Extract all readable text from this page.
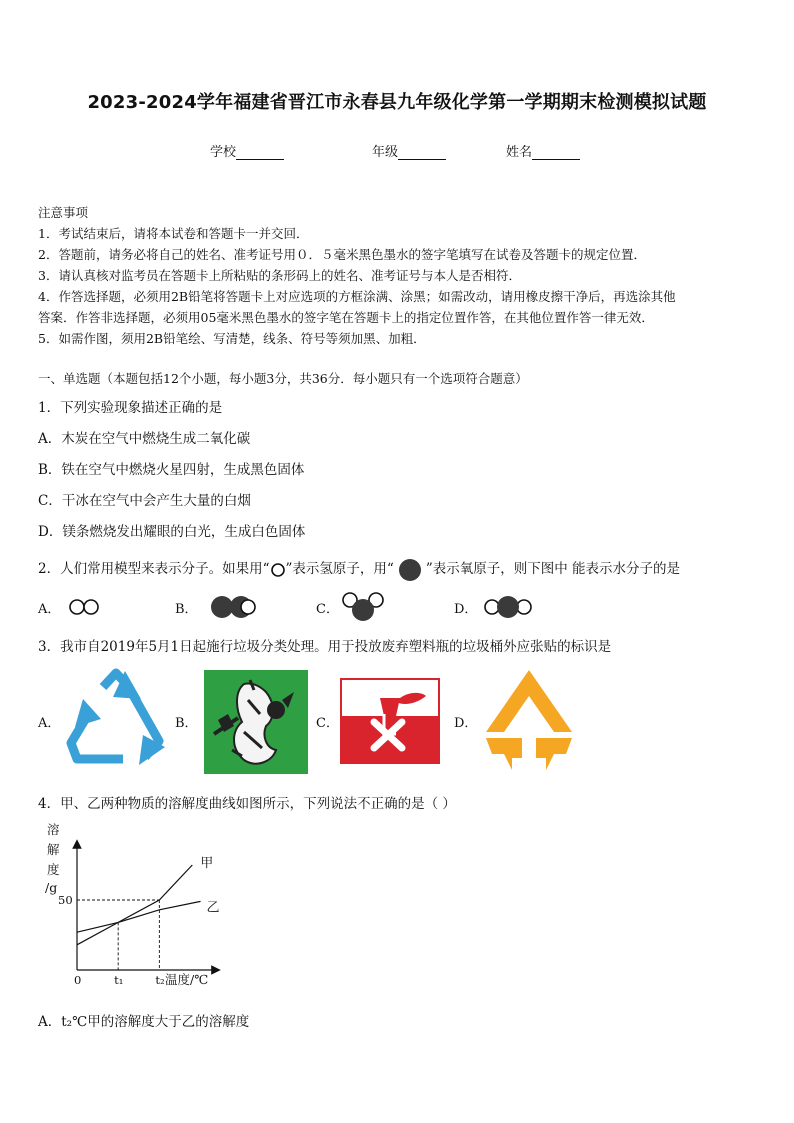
2023-2024学年福建省晋江市永春县九年级化学第一学期期末检测模拟试题
学校	年级	姓名
注意事项
1．考试结束后，请将本试卷和答题卡一并交回．
2．答题前，请务必将自己的姓名、准考证号用０．５毫米黑色墨水的签字笔填写在试卷及答题卡的规定位置．
3．请认真核对监考员在答题卡上所粘贴的条形码上的姓名、准考证号与本人是否相符．
4．作答选择题，必须用2B铅笔将答题卡上对应选项的方框涂满、涂黑；如需改动，请用橡皮擦干净后，再选涂其他
答案．作答非选择题，必须用05毫米黑色墨水的签字笔在答题卡上的指定位置作答，在其他位置作答一律无效．
5．如需作图，须用2B铅笔绘、写清楚，线条、符号等须加黑、加粗．
一、单选题（本题包括12个小题，每小题3分，共36分．每小题只有一个选项符合题意）
1．下列实验现象描述正确的是
A．木炭在空气中燃烧生成二氧化碳
B．铁在空气中燃烧火星四射，生成黑色固体
C．干冰在空气中会产生大量的白烟
D．镁条燃烧发出耀眼的白光，生成白色固体
2．人们常用模型来表示分子。如果用“ ”表示氢原子，用“ ”表示氧原子，则下图中 能表示水分子的是
A．	B．	C．	D．
3．我市自2019年5月1日起施行垃圾分类处理。用于投放废弃塑料瓶的垃圾桶外应张贴的标识是
A．	B．	C．	D．
4．甲、乙两种物质的溶解度曲线如图所示，下列说法不正确的是（ ）
溶
解
度
/g
甲
乙
0	t₁	t₂
50
温度/℃
A．t₂℃甲的溶解度大于乙的溶解度
